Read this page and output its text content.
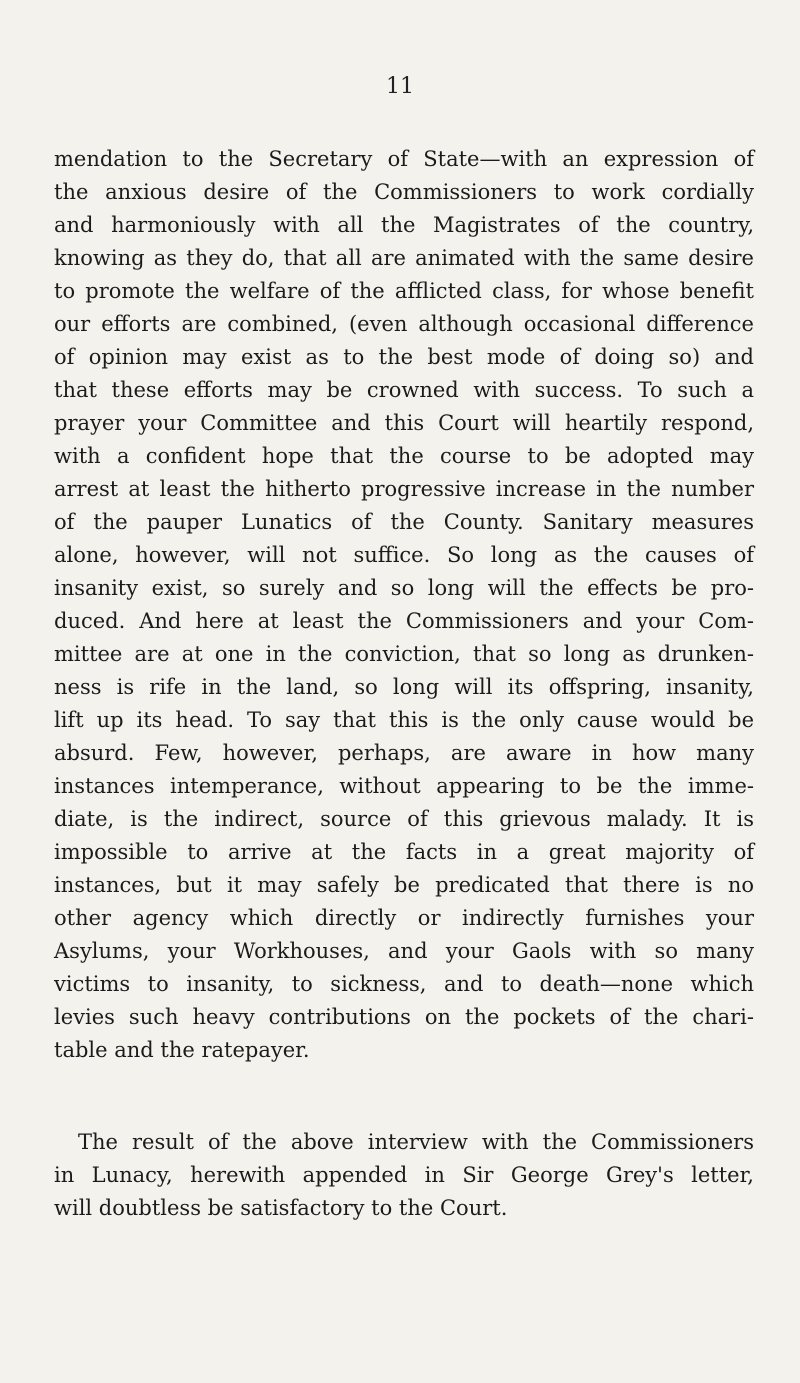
11
mendation to the Secretary of State—with an expression of
the anxious desire of the Commissioners to work cordially
and harmoniously with all the Magistrates of the country,
knowing as they do, that all are animated with the same desire
to promote the welfare of the afflicted class, for whose benefit
our efforts are combined, (even although occasional difference
of opinion may exist as to the best mode of doing so) and
that these efforts may be crowned with success. To such a
prayer your Committee and this Court will heartily respond,
with a confident hope that the course to be adopted may
arrest at least the hitherto progressive increase in the number
of the pauper Lunatics of the County. Sanitary measures
alone, however, will not suffice. So long as the causes of
insanity exist, so surely and so long will the effects be pro-
duced. And here at least the Commissioners and your Com-
mittee are at one in the conviction, that so long as drunken-
ness is rife in the land, so long will its offspring, insanity,
lift up its head. To say that this is the only cause would be
absurd. Few, however, perhaps, are aware in how many
instances intemperance, without appearing to be the imme-
diate, is the indirect, source of this grievous malady. It is
impossible to arrive at the facts in a great majority of
instances, but it may safely be predicated that there is no
other agency which directly or indirectly furnishes your
Asylums, your Workhouses, and your Gaols with so many
victims to insanity, to sickness, and to death—none which
levies such heavy contributions on the pockets of the chari-
table and the ratepayer.
The result of the above interview with the Commissioners
in Lunacy, herewith appended in Sir George Grey's letter,
will doubtless be satisfactory to the Court.
